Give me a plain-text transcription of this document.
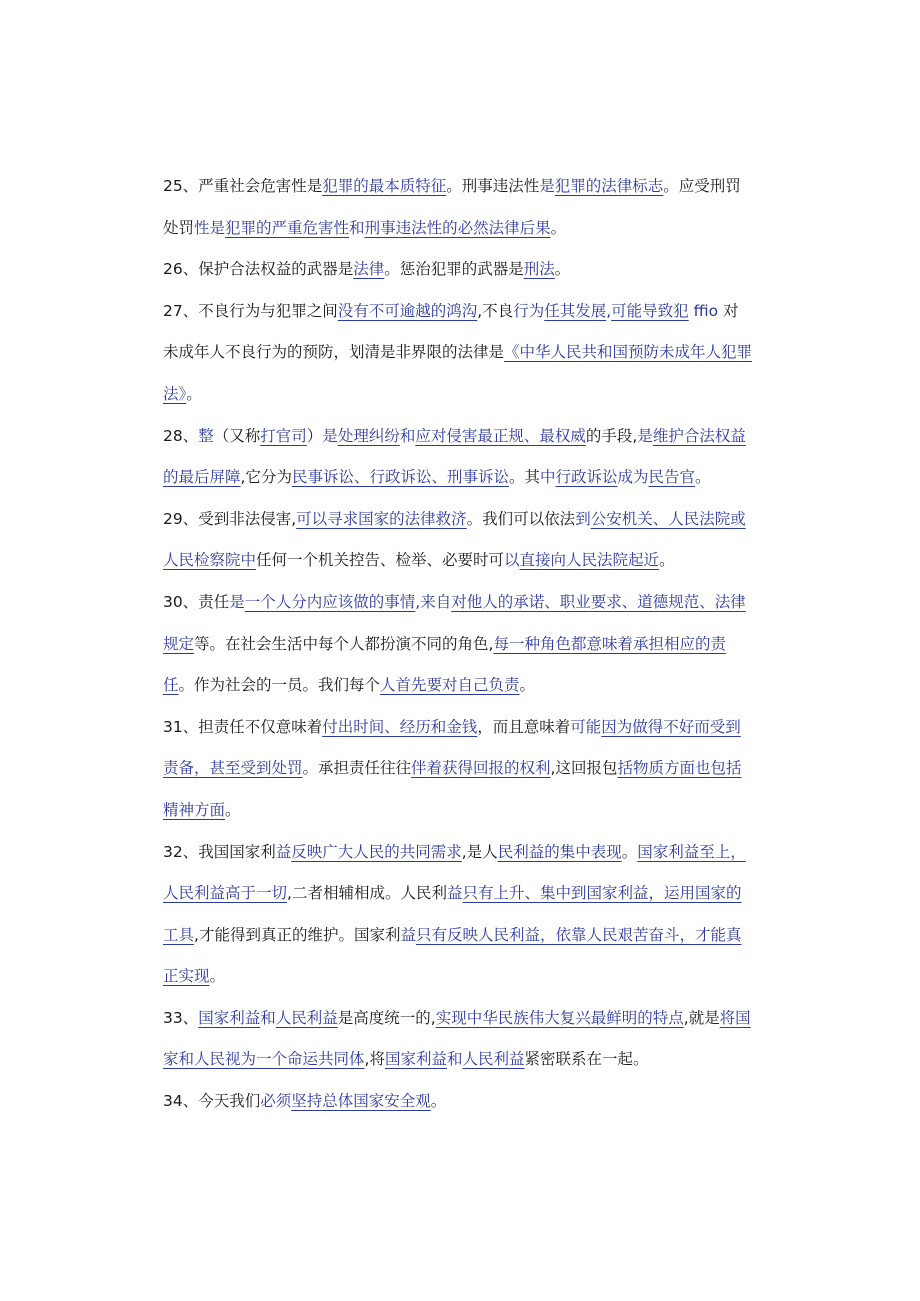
25、严重社会危害性是犯罪的最本质特征。刑事违法性是犯罪的法律标志。应受刑罚处罚性是犯罪的严重危害性和刑事违法性的必然法律后果。

26、保护合法权益的武器是法律。惩治犯罪的武器是刑法。

27、不良行为与犯罪之间没有不可逾越的鸿沟,不良行为任其发展,可能导致犯 ffio 对未成年人不良行为的预防，划清是非界限的法律是《中华人民共和国预防未成年人犯罪法》。

28、整（又称打官司）是处理纠纷和应对侵害最正规、最权威的手段,是维护合法权益的最后屏障,它分为民事诉讼、行政诉讼、刑事诉讼。其中行政诉讼成为民告官。

29、受到非法侵害,可以寻求国家的法律救济。我们可以依法到公安机关、人民法院或人民检察院中任何一个机关控告、检举、必要时可以直接向人民法院起近。

30、责任是一个人分内应该做的事情,来自对他人的承诺、职业要求、道德规范、法律规定等。在社会生活中每个人都扮演不同的角色,每一种角色都意味着承担相应的责任。作为社会的一员。我们每个人首先要对自己负责。

31、担责任不仅意味着付出时间、经历和金钱，而且意味着可能因为做得不好而受到责备，甚至受到处罚。承担责任往往伴着获得回报的权利,这回报包括物质方面也包括精神方面。

32、我国国家利益反映广大人民的共同需求,是人民利益的集中表现。国家利益至上，人民利益高于一切,二者相辅相成。人民利益只有上升、集中到国家利益，运用国家的工具,才能得到真正的维护。国家利益只有反映人民利益，依靠人民艰苦奋斗，才能真正实现。

33、国家利益和人民利益是高度统一的,实现中华民族伟大复兴最鲜明的特点,就是将国家和人民视为一个命运共同体,将国家利益和人民利益紧密联系在一起。

34、今天我们必须坚持总体国家安全观。
